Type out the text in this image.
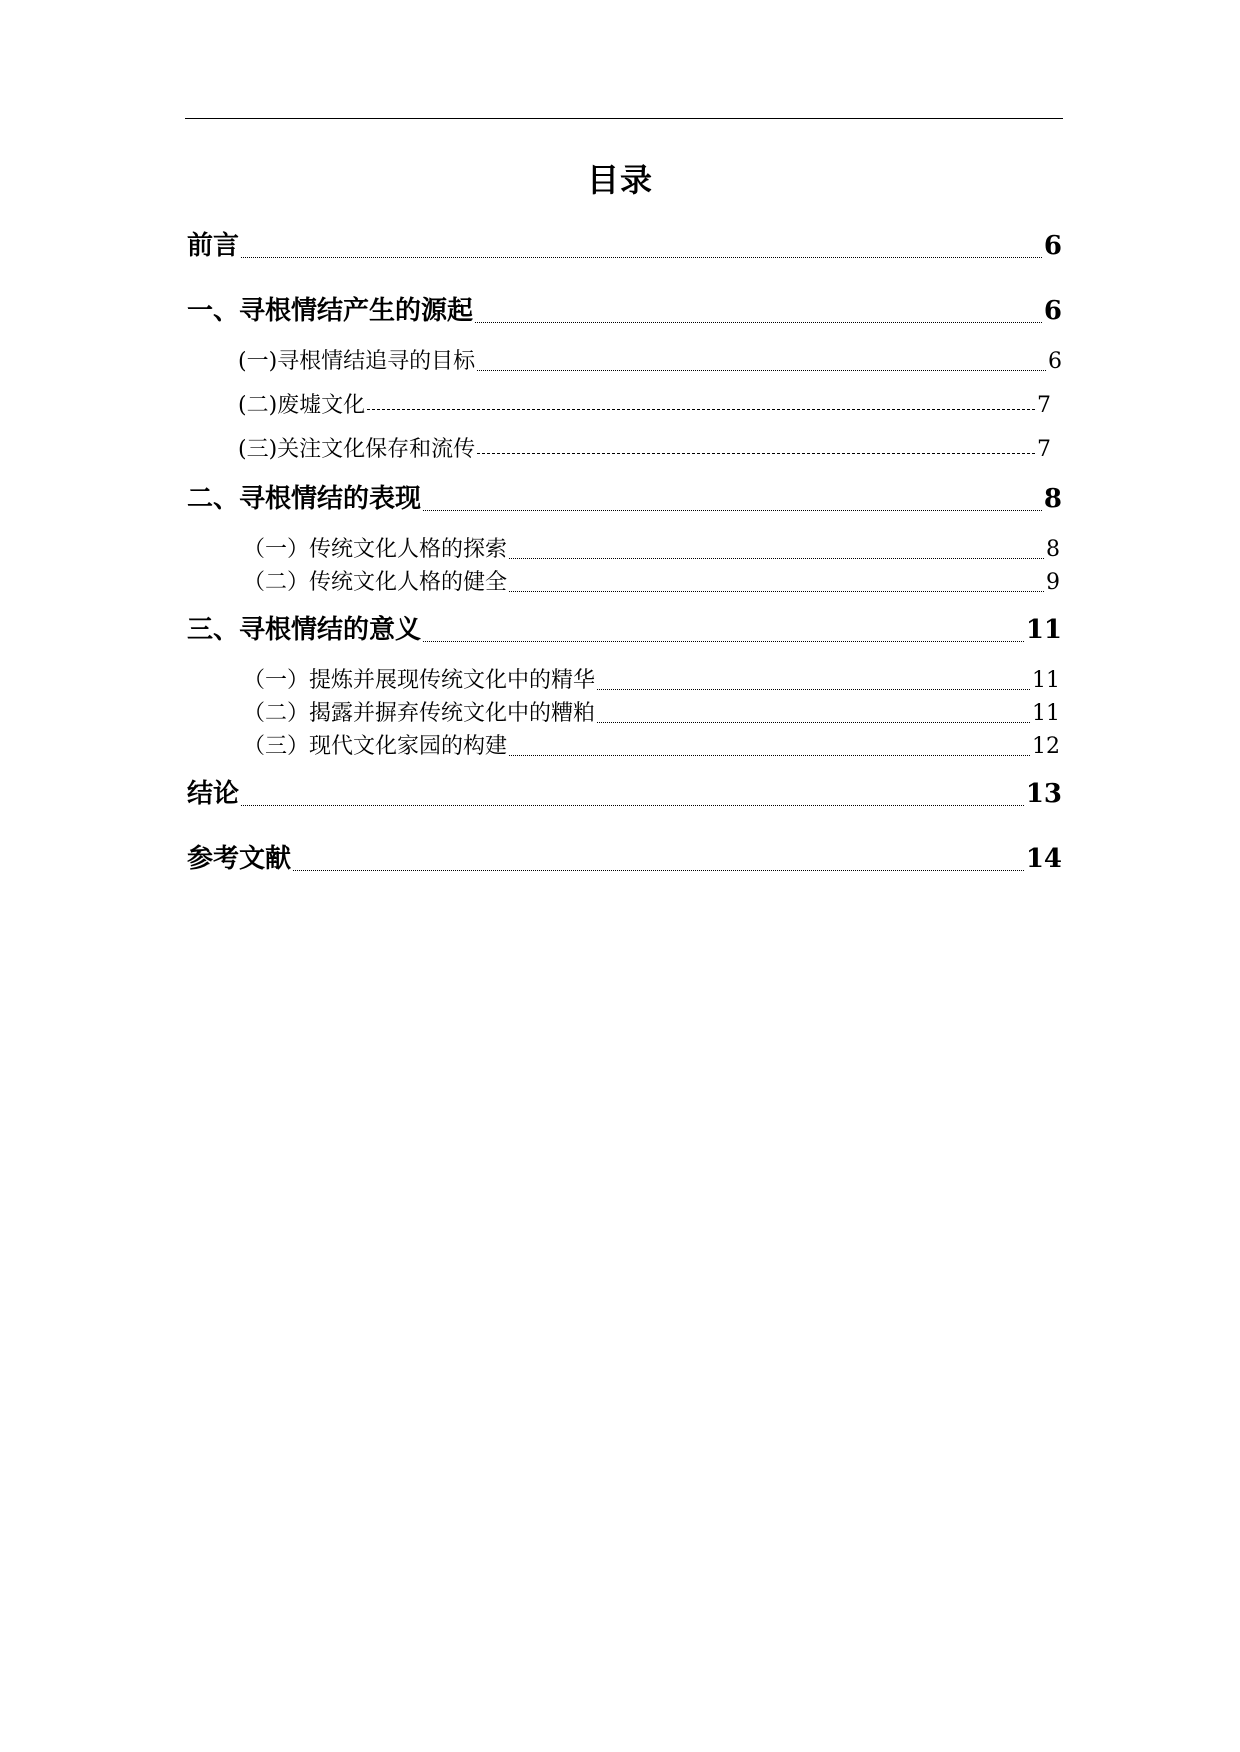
目录
前言	6
一、寻根情结产生的源起	6
(一)寻根情结追寻的目标	6
(二)废墟文化	7
(三)关注文化保存和流传	7
二、寻根情结的表现	8
（一）传统文化人格的探索	8
（二）传统文化人格的健全	9
三、寻根情结的意义	11
（一）提炼并展现传统文化中的精华	11
（二）揭露并摒弃传统文化中的糟粕	11
（三）现代文化家园的构建	12
结论	13
参考文献	14
